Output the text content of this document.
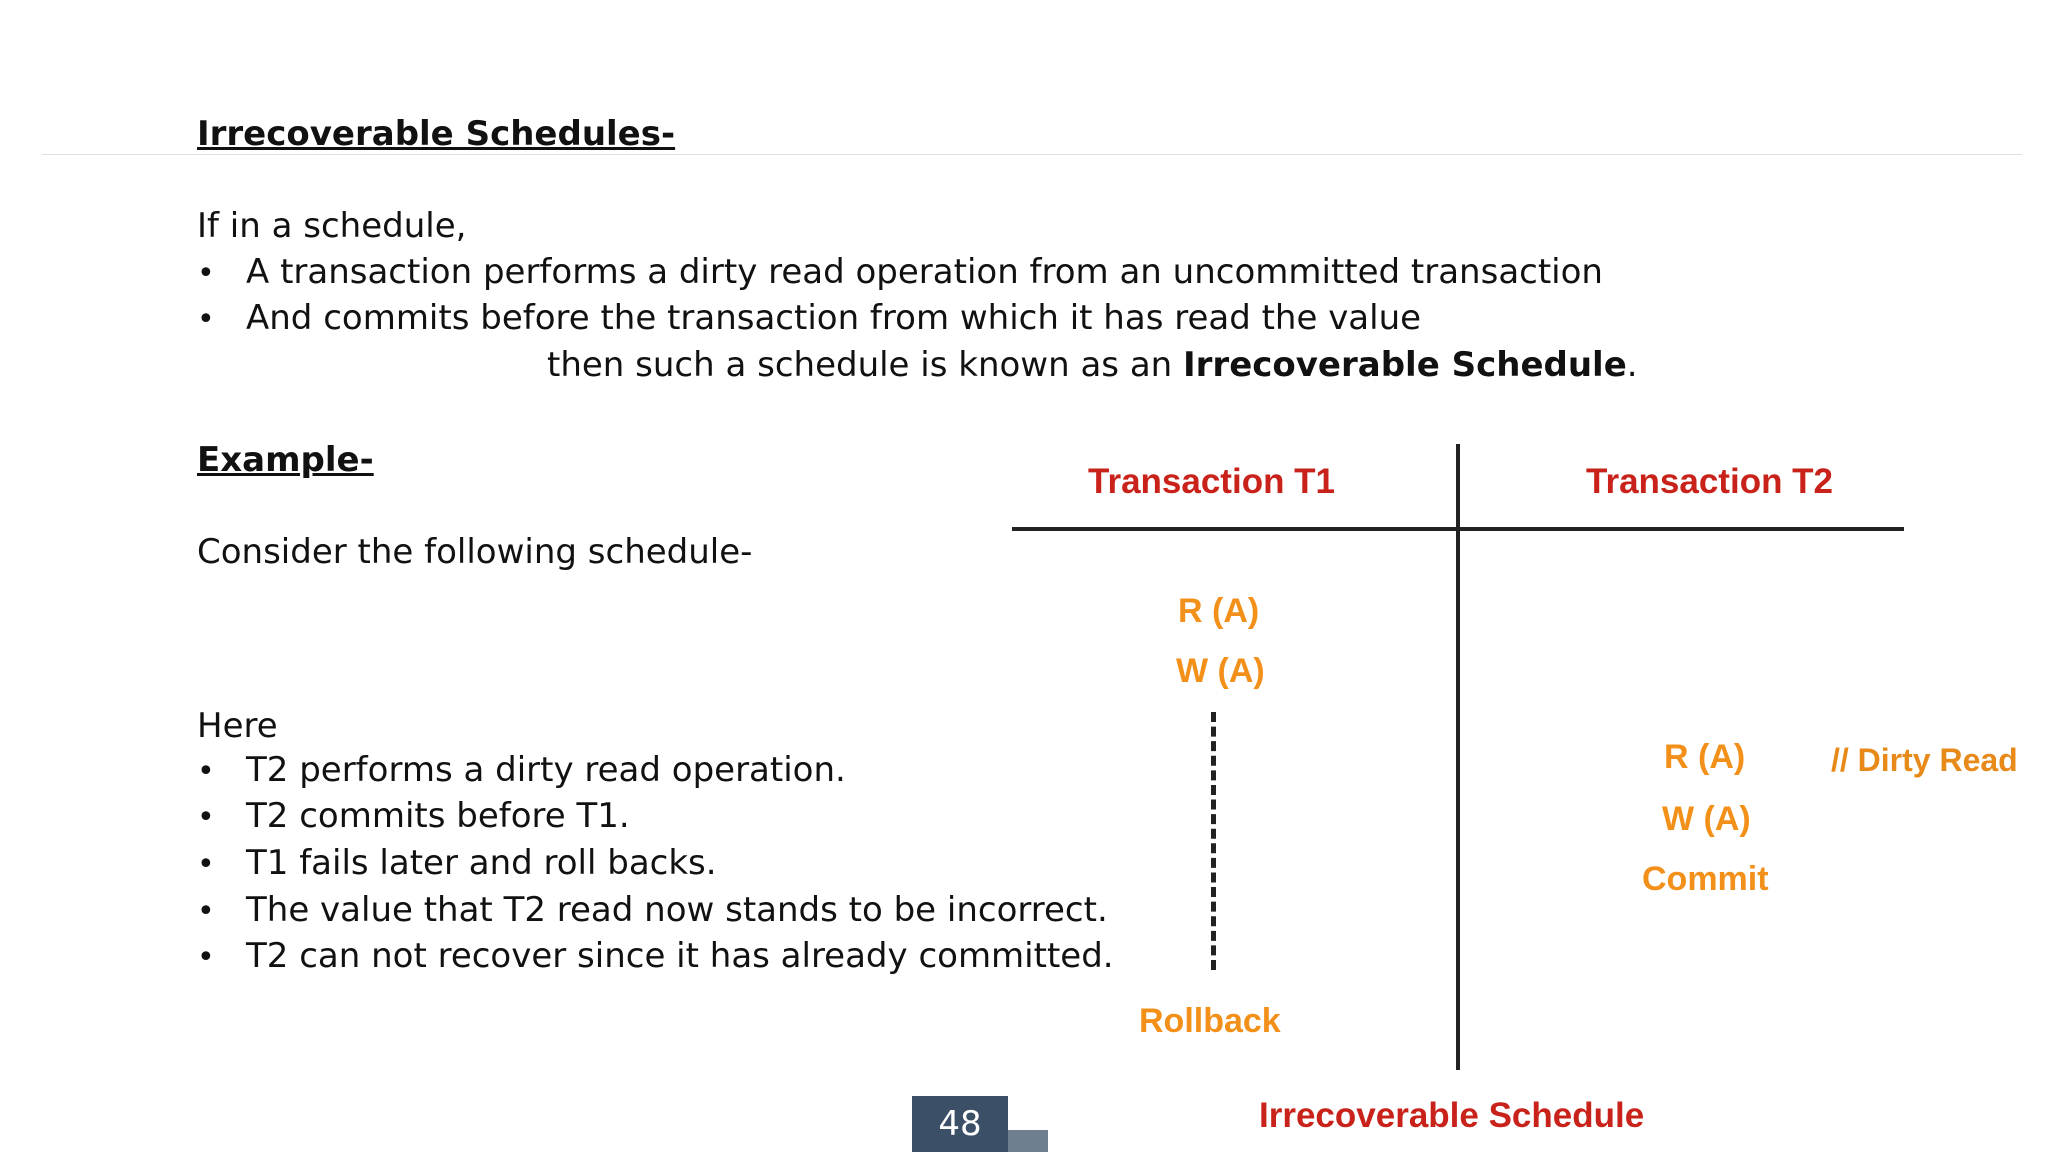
Irrecoverable Schedules-
If in a schedule,
• A transaction performs a dirty read operation from an uncommitted transaction
• And commits before the transaction from which it has read the value
then such a schedule is known as an Irrecoverable Schedule.
Example-
Consider the following schedule-
Here
• T2 performs a dirty read operation.
• T2 commits before T1.
• T1 fails later and roll backs.
• The value that T2 read now stands to be incorrect.
• T2 can not recover since it has already committed.
Transaction T1	Transaction T2
R (A)
W (A)
Rollback
R (A)	// Dirty Read
W (A)
Commit
Irrecoverable Schedule
48
